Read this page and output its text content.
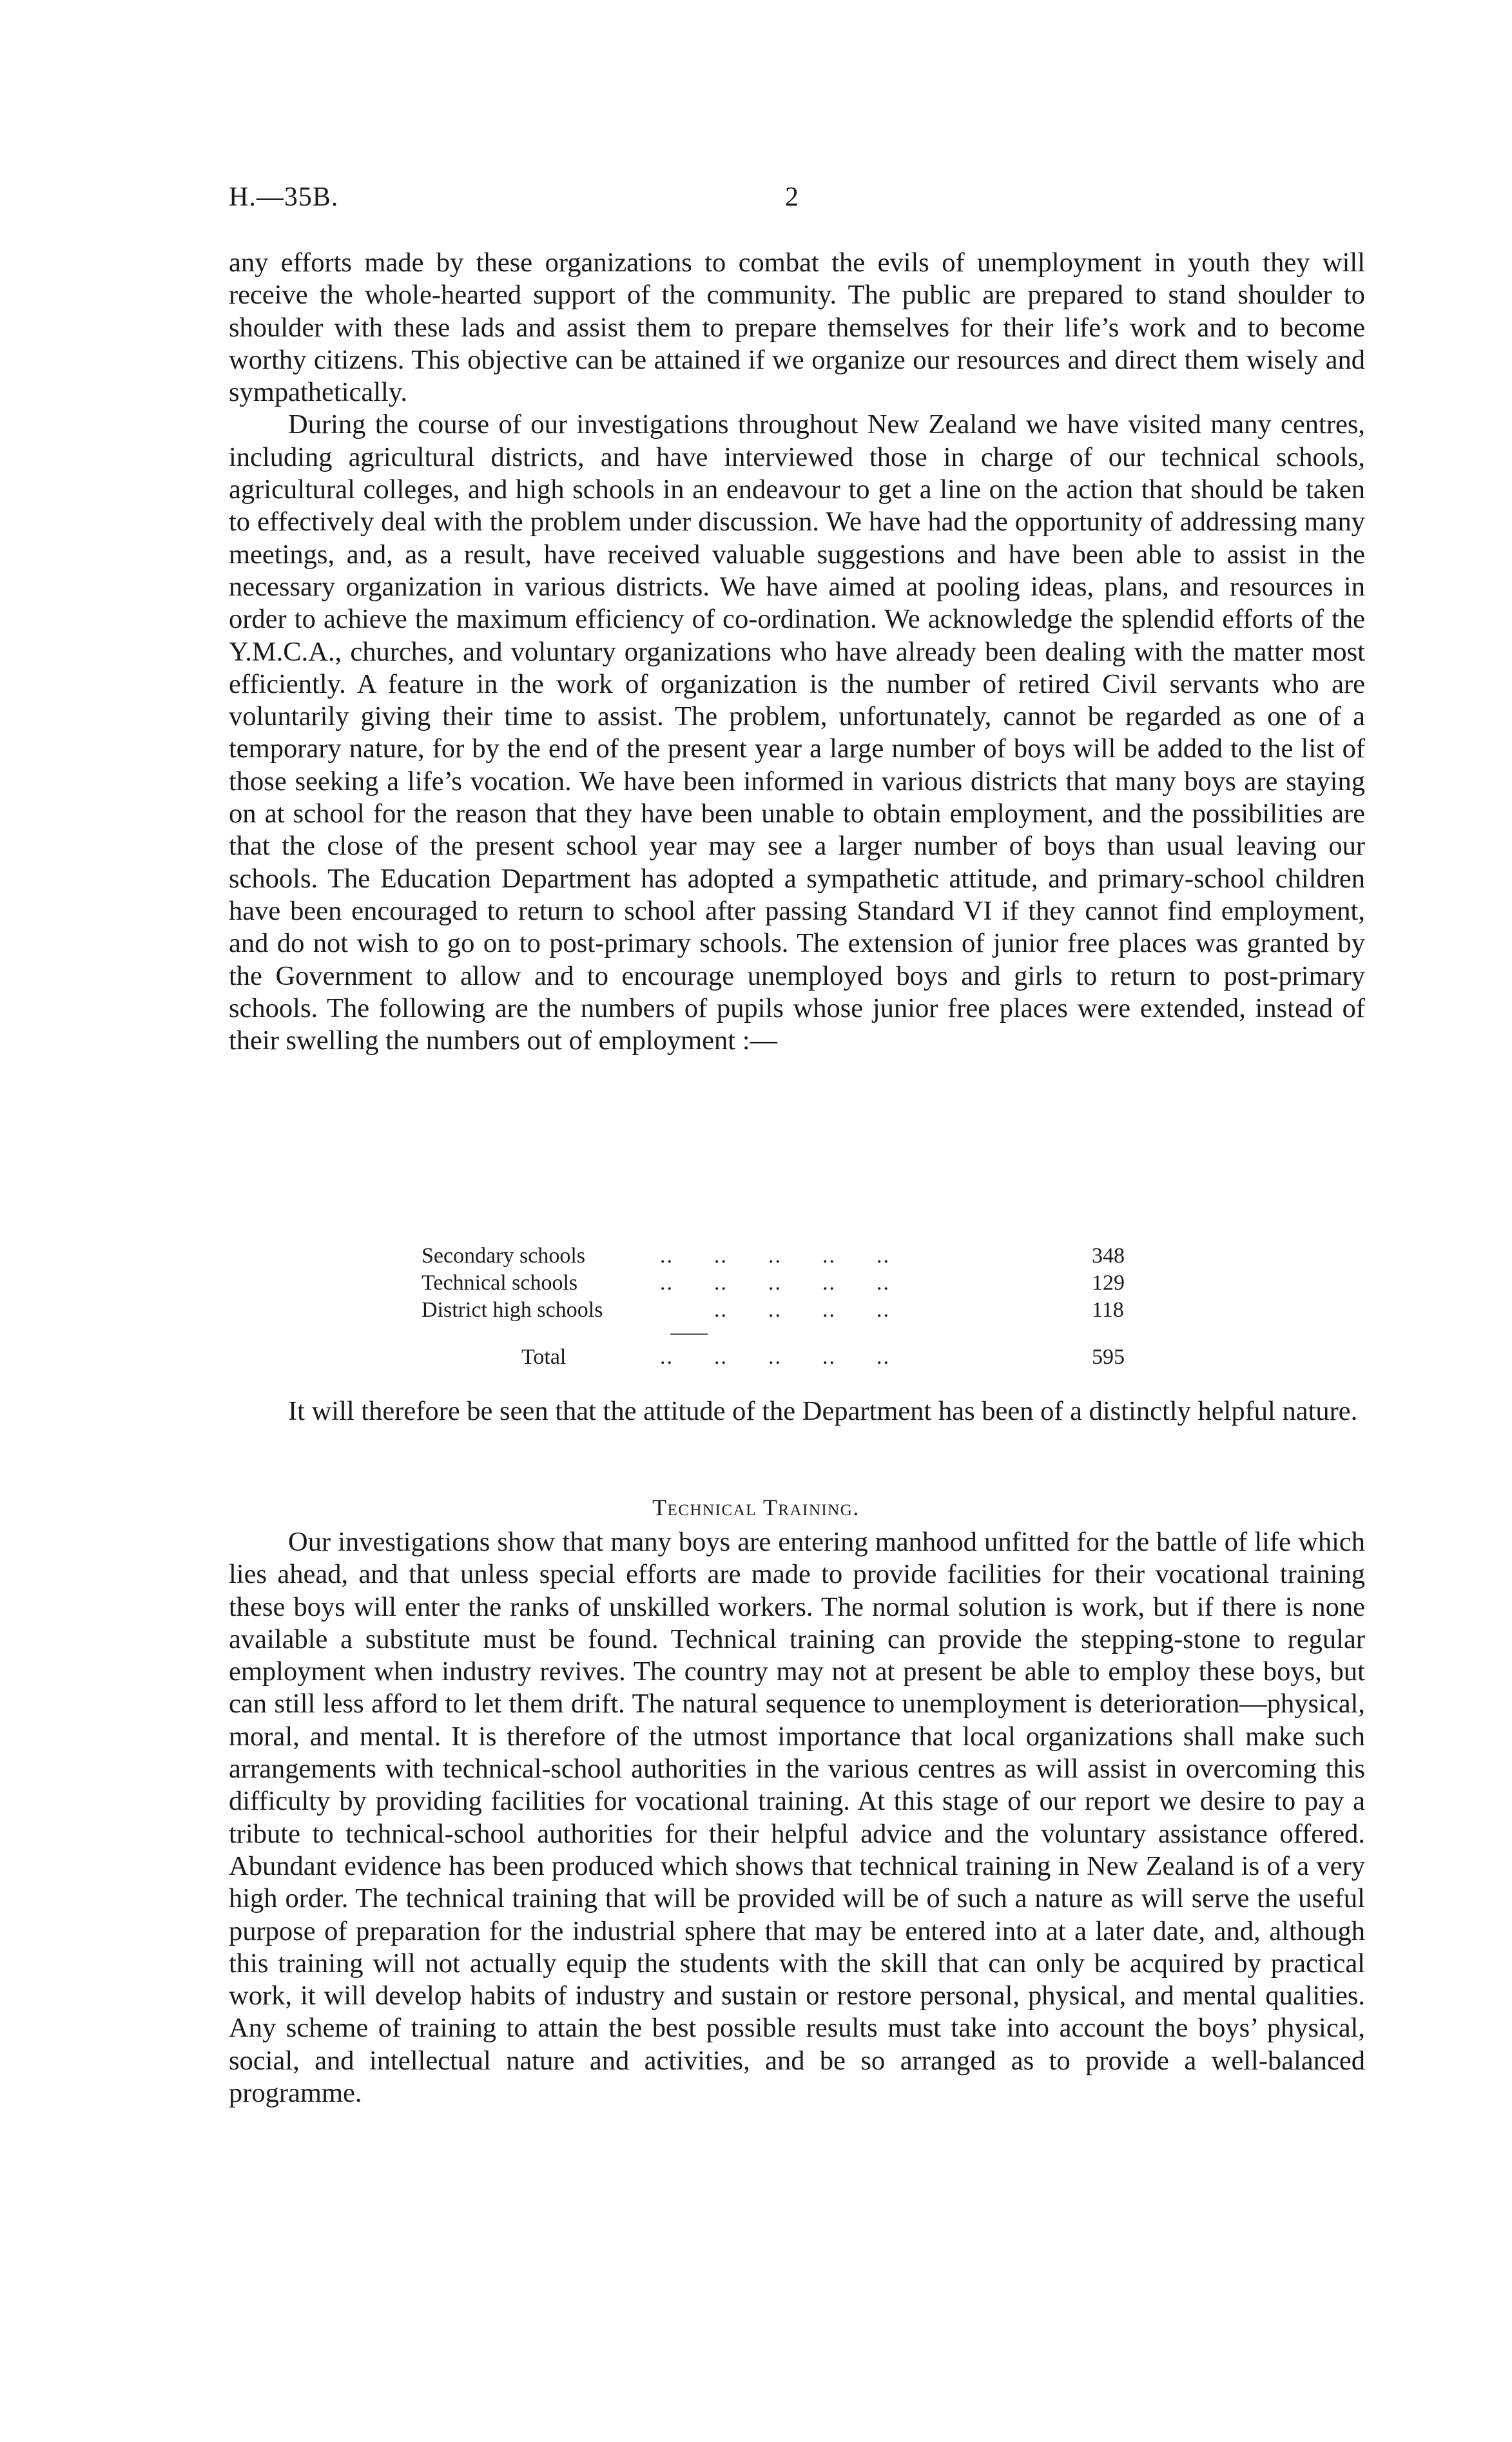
H.—35B.	2

any efforts made by these organizations to combat the evils of unemployment in youth they will receive the whole-hearted support of the community. The public are prepared to stand shoulder to shoulder with these lads and assist them to prepare themselves for their life’s work and to become worthy citizens. This objective can be attained if we organize our resources and direct them wisely and sympathetically.

During the course of our investigations throughout New Zealand we have visited many centres, including agricultural districts, and have interviewed those in charge of our technical schools, agricultural colleges, and high schools in an endeavour to get a line on the action that should be taken to effectively deal with the problem under discussion. We have had the opportunity of addressing many meetings, and, as a result, have received valuable suggestions and have been able to assist in the necessary organization in various districts. We have aimed at pooling ideas, plans, and resources in order to achieve the maximum efficiency of co-ordination. We acknowledge the splendid efforts of the Y.M.C.A., churches, and voluntary organizations who have already been dealing with the matter most efficiently. A feature in the work of organization is the number of retired Civil servants who are voluntarily giving their time to assist. The problem, unfortunately, cannot be regarded as one of a temporary nature, for by the end of the present year a large number of boys will be added to the list of those seeking a life’s vocation. We have been informed in various districts that many boys are staying on at school for the reason that they have been unable to obtain employment, and the possibilities are that the close of the present school year may see a larger number of boys than usual leaving our schools. The Education Department has adopted a sympathetic attitude, and primary-school children have been encouraged to return to school after passing Standard VI if they cannot find employment, and do not wish to go on to post-primary schools. The extension of junior free places was granted by the Government to allow and to encourage unemployed boys and girls to return to post-primary schools. The following are the numbers of pupils whose junior free places were extended, instead of their swelling the numbers out of employment :—

Secondary schools	..      ..      ..      ..      ..	348
Technical schools	..      ..      ..      ..      ..	129
District high schools	..      ..      ..      ..	118
Total	..      ..      ..      ..      ..	595

It will therefore be seen that the attitude of the Department has been of a distinctly helpful nature.

Technical Training.

Our investigations show that many boys are entering manhood unfitted for the battle of life which lies ahead, and that unless special efforts are made to provide facilities for their vocational training these boys will enter the ranks of unskilled workers. The normal solution is work, but if there is none available a substitute must be found. Technical training can provide the stepping-stone to regular employment when industry revives. The country may not at present be able to employ these boys, but can still less afford to let them drift. The natural sequence to unemployment is deterioration—physical, moral, and mental. It is therefore of the utmost importance that local organizations shall make such arrangements with technical-school authorities in the various centres as will assist in overcoming this difficulty by providing facilities for vocational training. At this stage of our report we desire to pay a tribute to technical-school authorities for their helpful advice and the voluntary assistance offered. Abundant evidence has been produced which shows that technical training in New Zealand is of a very high order. The technical training that will be provided will be of such a nature as will serve the useful purpose of preparation for the industrial sphere that may be entered into at a later date, and, although this training will not actually equip the students with the skill that can only be acquired by practical work, it will develop habits of industry and sustain or restore personal, physical, and mental qualities. Any scheme of training to attain the best possible results must take into account the boys’ physical, social, and intellectual nature and activities, and be so arranged as to provide a well-balanced programme.
